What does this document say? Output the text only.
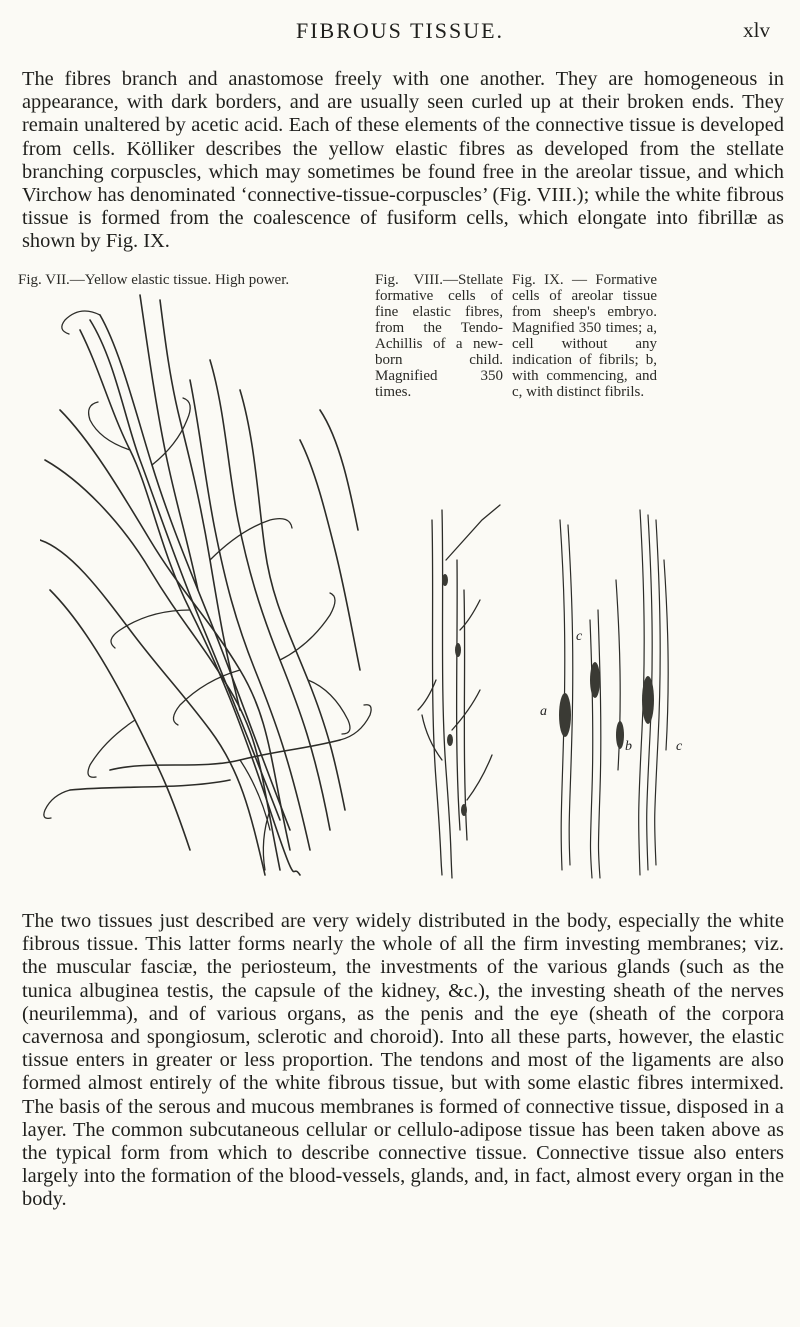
FIBROUS TISSUE.	xlv

The fibres branch and anastomose freely with one another. They are homogeneous in appearance, with dark borders, and are usually seen curled up at their broken ends. They remain unaltered by acetic acid. Each of these elements of the connective tissue is developed from cells. Kölliker describes the yellow elastic fibres as developed from the stellate branching corpuscles, which may sometimes be found free in the areolar tissue, and which Virchow has denominated ‘connective-tissue-corpuscles’ (Fig. VIII.); while the white fibrous tissue is formed from the coalescence of fusiform cells, which elongate into fibrillæ as shown by Fig. IX.

Fig. VII.—Yellow elastic tissue. High power.	Fig. VIII.—Stellate formative cells of fine elastic fibres, from the Tendo-Achillis of a new-born child. Magnified 350 times.
Fig. IX. — Formative cells of areolar tissue from sheep's embryo. Magnified 350 times; a, cell without any indication of fibrils; b, with commencing, and c, with distinct fibrils.
a
c
b	c

The two tissues just described are very widely distributed in the body, especially the white fibrous tissue. This latter forms nearly the whole of all the firm investing membranes; viz. the muscular fasciæ, the periosteum, the investments of the various glands (such as the tunica albuginea testis, the capsule of the kidney, &c.), the investing sheath of the nerves (neurilemma), and of various organs, as the penis and the eye (sheath of the corpora cavernosa and spongiosum, sclerotic and choroid). Into all these parts, however, the elastic tissue enters in greater or less proportion. The tendons and most of the ligaments are also formed almost entirely of the white fibrous tissue, but with some elastic fibres intermixed. The basis of the serous and mucous membranes is formed of connective tissue, disposed in a layer. The common subcutaneous cellular or cellulo-adipose tissue has been taken above as the typical form from which to describe connective tissue. Connective tissue also enters largely into the formation of the blood-vessels, glands, and, in fact, almost every organ in the body.
